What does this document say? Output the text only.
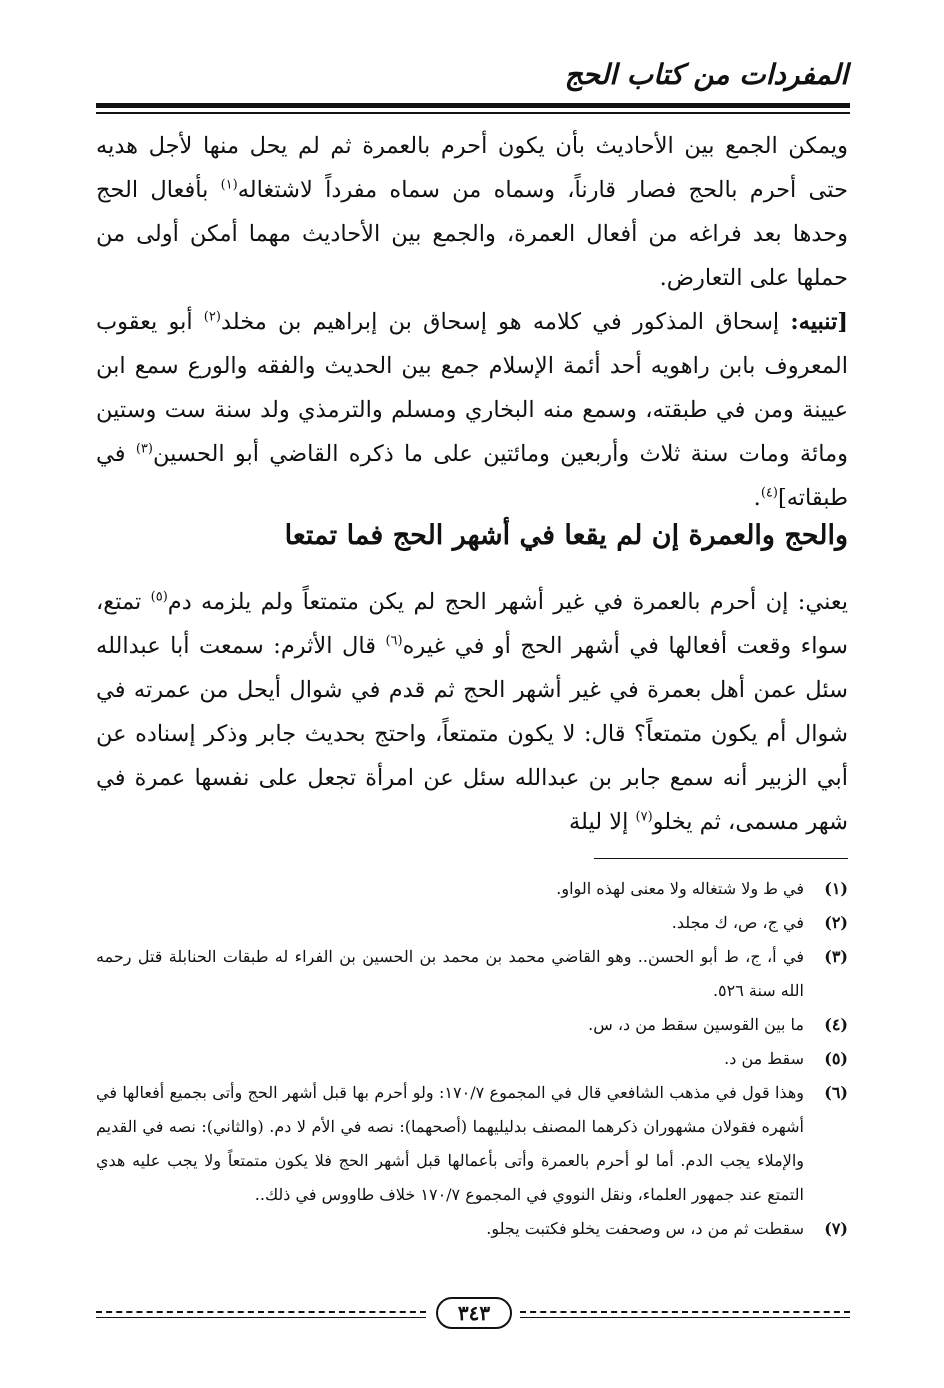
المفردات من كتاب الحج

ويمكن الجمع بين الأحاديث بأن يكون أحرم بالعمرة ثم لم يحل منها لأجل هديه حتى أحرم بالحج فصار قارناً، وسماه من سماه مفرداً لاشتغاله$^{(١)}$ بأفعال الحج وحدها بعد فراغه من أفعال العمرة، والجمع بين الأحاديث مهما أمكن أولى من حملها على التعارض.

[تنبيه: إسحاق المذكور في كلامه هو إسحاق بن إبراهيم بن مخلد$^{(٢)}$ أبو يعقوب المعروف بابن راهويه أحد أئمة الإسلام جمع بين الحديث والفقه والورع سمع ابن عيينة ومن في طبقته، وسمع منه البخاري ومسلم والترمذي ولد سنة ست وستين ومائة ومات سنة ثلاث وأربعين ومائتين على ما ذكره القاضي أبو الحسين$^{(٣)}$ في طبقاته]$^{(٤)}$.

والحج والعمرة إن لم يقعا في أشهر الحج فما تمتعا

يعني: إن أحرم بالعمرة في غير أشهر الحج لم يكن متمتعاً ولم يلزمه دم$^{(٥)}$ تمتع، سواء وقعت أفعالها في أشهر الحج أو في غيره$^{(٦)}$ قال الأثرم: سمعت أبا عبدالله سئل عمن أهل بعمرة في غير أشهر الحج ثم قدم في شوال أيحل من عمرته في شوال أم يكون متمتعاً؟ قال: لا يكون متمتعاً، واحتج بحديث جابر وذكر إسناده عن أبي الزبير أنه سمع جابر بن عبدالله سئل عن امرأة تجعل على نفسها عمرة في شهر مسمى، ثم يخلو$^{(٧)}$ إلا ليلة

(١)
في ط ولا شتغاله ولا معنى لهذه الواو.
(٢)
في ج، ص، ك مجلد.
(٣)
في أ، ج، ط أبو الحسن.. وهو القاضي محمد بن محمد بن الحسين بن الفراء له طبقات الحنابلة قتل رحمه الله سنة ٥٢٦.
(٤)
ما بين القوسين سقط من د، س.
(٥)
سقط من د.
(٦)
وهذا قول في مذهب الشافعي قال في المجموع ١٧٠/٧: ولو أحرم بها قبل أشهر الحج وأتى بجميع أفعالها في أشهره فقولان مشهوران ذكرهما المصنف بدليليهما (أصحهما): نصه في الأم لا دم. (والثاني): نصه في القديم والإملاء يجب الدم. أما لو أحرم بالعمرة وأتى بأعمالها قبل أشهر الحج فلا يكون متمتعاً ولا يجب عليه هدي التمتع عند جمهور العلماء، ونقل النووي في المجموع ١٧٠/٧ خلاف طاووس في ذلك..
(٧)
سقطت ثم من د، س وصحفت يخلو فكتبت يجلو.
٣٤٣
